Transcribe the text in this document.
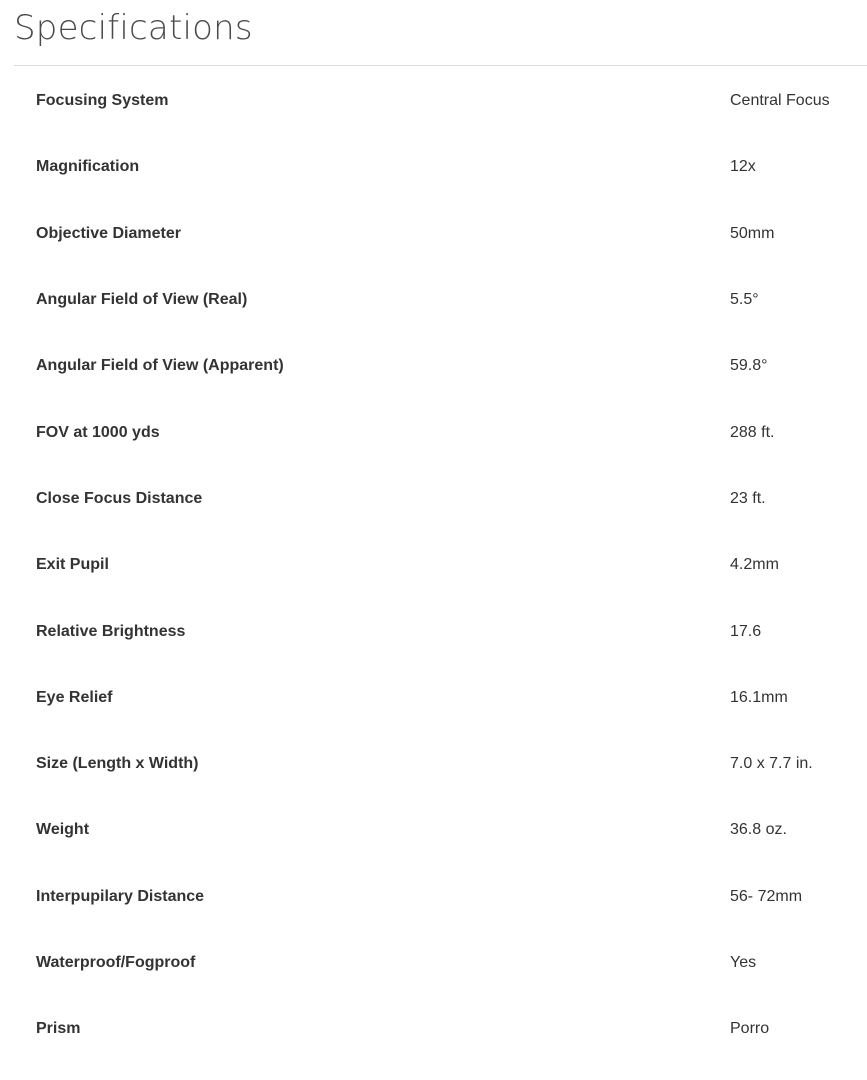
Specifications
Focusing System	Central Focus
Magnification	12x
Objective Diameter	50mm
Angular Field of View (Real)	5.5°
Angular Field of View (Apparent)	59.8°
FOV at 1000 yds	288 ft.
Close Focus Distance	23 ft.
Exit Pupil	4.2mm
Relative Brightness	17.6
Eye Relief	16.1mm
Size (Length x Width)	7.0 x 7.7 in.
Weight	36.8 oz.
Interpupilary Distance	56- 72mm
Waterproof/Fogproof	Yes
Prism	Porro
